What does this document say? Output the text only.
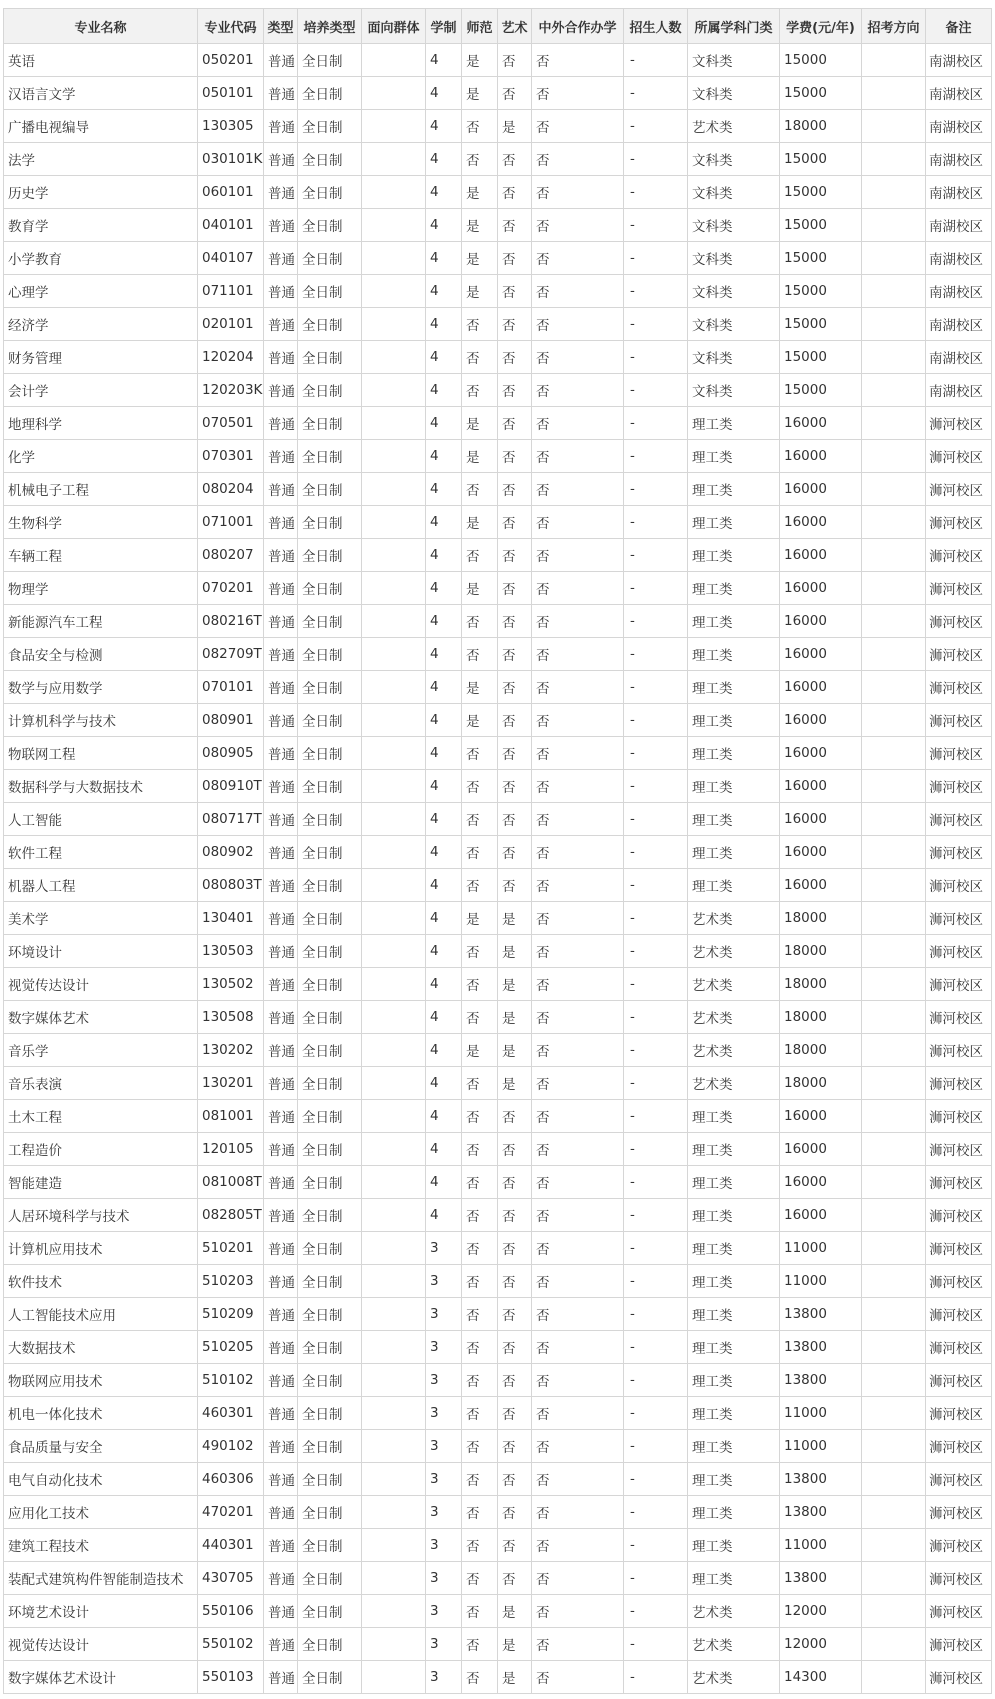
专业名称	专业代码	类型	培养类型	面向群体	学制	师范	艺术	中外合作办学	招生人数	所属学科门类	学费(元/年)	招考方向	备注
英语	050201	普通	全日制		4	是	否	否	-	文科类	15000		南湖校区
汉语言文学	050101	普通	全日制		4	是	否	否	-	文科类	15000		南湖校区
广播电视编导	130305	普通	全日制		4	否	是	否	-	艺术类	18000		南湖校区
法学	030101K	普通	全日制		4	否	否	否	-	文科类	15000		南湖校区
历史学	060101	普通	全日制		4	是	否	否	-	文科类	15000		南湖校区
教育学	040101	普通	全日制		4	是	否	否	-	文科类	15000		南湖校区
小学教育	040107	普通	全日制		4	是	否	否	-	文科类	15000		南湖校区
心理学	071101	普通	全日制		4	是	否	否	-	文科类	15000		南湖校区
经济学	020101	普通	全日制		4	否	否	否	-	文科类	15000		南湖校区
财务管理	120204	普通	全日制		4	否	否	否	-	文科类	15000		南湖校区
会计学	120203K	普通	全日制		4	否	否	否	-	文科类	15000		南湖校区
地理科学	070501	普通	全日制		4	是	否	否	-	理工类	16000		浉河校区
化学	070301	普通	全日制		4	是	否	否	-	理工类	16000		浉河校区
机械电子工程	080204	普通	全日制		4	否	否	否	-	理工类	16000		浉河校区
生物科学	071001	普通	全日制		4	是	否	否	-	理工类	16000		浉河校区
车辆工程	080207	普通	全日制		4	否	否	否	-	理工类	16000		浉河校区
物理学	070201	普通	全日制		4	是	否	否	-	理工类	16000		浉河校区
新能源汽车工程	080216T	普通	全日制		4	否	否	否	-	理工类	16000		浉河校区
食品安全与检测	082709T	普通	全日制		4	否	否	否	-	理工类	16000		浉河校区
数学与应用数学	070101	普通	全日制		4	是	否	否	-	理工类	16000		浉河校区
计算机科学与技术	080901	普通	全日制		4	是	否	否	-	理工类	16000		浉河校区
物联网工程	080905	普通	全日制		4	否	否	否	-	理工类	16000		浉河校区
数据科学与大数据技术	080910T	普通	全日制		4	否	否	否	-	理工类	16000		浉河校区
人工智能	080717T	普通	全日制		4	否	否	否	-	理工类	16000		浉河校区
软件工程	080902	普通	全日制		4	否	否	否	-	理工类	16000		浉河校区
机器人工程	080803T	普通	全日制		4	否	否	否	-	理工类	16000		浉河校区
美术学	130401	普通	全日制		4	是	是	否	-	艺术类	18000		浉河校区
环境设计	130503	普通	全日制		4	否	是	否	-	艺术类	18000		浉河校区
视觉传达设计	130502	普通	全日制		4	否	是	否	-	艺术类	18000		浉河校区
数字媒体艺术	130508	普通	全日制		4	否	是	否	-	艺术类	18000		浉河校区
音乐学	130202	普通	全日制		4	是	是	否	-	艺术类	18000		浉河校区
音乐表演	130201	普通	全日制		4	否	是	否	-	艺术类	18000		浉河校区
土木工程	081001	普通	全日制		4	否	否	否	-	理工类	16000		浉河校区
工程造价	120105	普通	全日制		4	否	否	否	-	理工类	16000		浉河校区
智能建造	081008T	普通	全日制		4	否	否	否	-	理工类	16000		浉河校区
人居环境科学与技术	082805T	普通	全日制		4	否	否	否	-	理工类	16000		浉河校区
计算机应用技术	510201	普通	全日制		3	否	否	否	-	理工类	11000		浉河校区
软件技术	510203	普通	全日制		3	否	否	否	-	理工类	11000		浉河校区
人工智能技术应用	510209	普通	全日制		3	否	否	否	-	理工类	13800		浉河校区
大数据技术	510205	普通	全日制		3	否	否	否	-	理工类	13800		浉河校区
物联网应用技术	510102	普通	全日制		3	否	否	否	-	理工类	13800		浉河校区
机电一体化技术	460301	普通	全日制		3	否	否	否	-	理工类	11000		浉河校区
食品质量与安全	490102	普通	全日制		3	否	否	否	-	理工类	11000		浉河校区
电气自动化技术	460306	普通	全日制		3	否	否	否	-	理工类	13800		浉河校区
应用化工技术	470201	普通	全日制		3	否	否	否	-	理工类	13800		浉河校区
建筑工程技术	440301	普通	全日制		3	否	否	否	-	理工类	11000		浉河校区
装配式建筑构件智能制造技术	430705	普通	全日制		3	否	否	否	-	理工类	13800		浉河校区
环境艺术设计	550106	普通	全日制		3	否	是	否	-	艺术类	12000		浉河校区
视觉传达设计	550102	普通	全日制		3	否	是	否	-	艺术类	12000		浉河校区
数字媒体艺术设计	550103	普通	全日制		3	否	是	否	-	艺术类	14300		浉河校区
